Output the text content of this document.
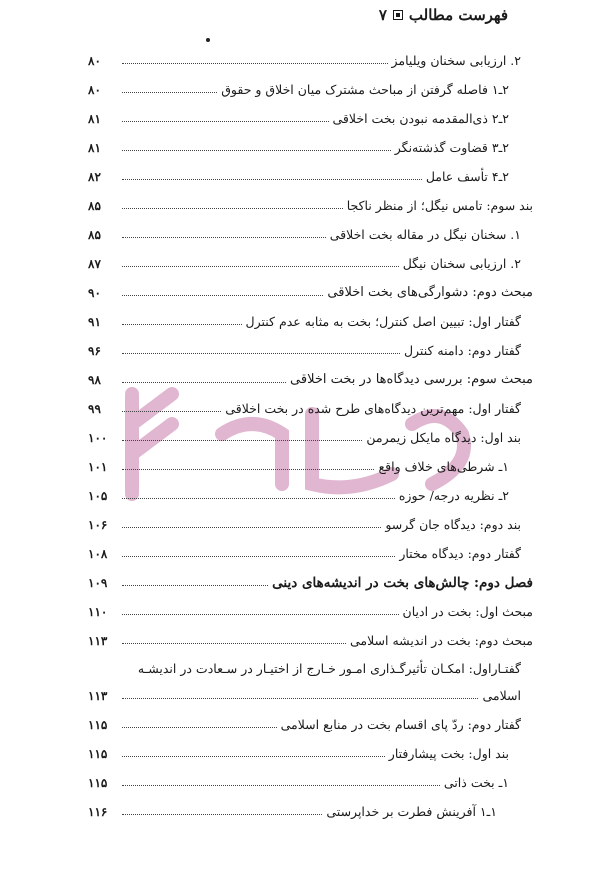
فهرست مطالب
۷
۲. ارزیابی سخنان ویلیامز
۸۰
۲ـ۱ فاصله گرفتن از مباحث مشترک میان اخلاق و حقوق
۸۰
۲ـ۲ ذی‌المقدمه نبودن بخت اخلاقی
۸۱
۲ـ۳ قضاوت گذشته‌نگر
۸۱
۲ـ۴ تأسف عامل
۸۲
بند سوم: تامس نیگل؛ از منظر ناکجا
۸۵
۱. سخنان نیگل در مقاله بخت اخلاقی
۸۵
۲. ارزیابی سخنان نیگل
۸۷
مبحث دوم: دشوارگی‌های بخت اخلاقی
۹۰
گفتار اول: تبیین اصل کنترل؛ بخت به مثابه عدم کنترل
۹۱
گفتار دوم: دامنه کنترل
۹۶
مبحث سوم: بررسی دیدگاه‌ها در بخت اخلاقی
۹۸
گفتار اول: مهم‌ترین دیدگاه‌های طرح شده در بخت اخلاقی
۹۹
بند اول: دیدگاه مایکل زیمرمن
۱۰۰
۱ـ شرطی‌های خلاف واقع
۱۰۱
۲ـ نظریه درجه/ حوزه
۱۰۵
بند دوم: دیدگاه جان گرسو
۱۰۶
گفتار دوم: دیدگاه مختار
۱۰۸
فصل دوم: چالش‌های بخت در اندیشه‌های دینی
۱۰۹
مبحث اول: بخت در ادیان
۱۱۰
مبحث دوم: بخت در اندیشه اسلامی
۱۱۳
گفتـاراول: امکـان تأثیرگـذاری امـور خـارج از اختیـار در سـعادت در اندیشـه
اسلامی
۱۱۳
گفتار دوم: ردّ پای اقسام بخت در منابع اسلامی
۱۱۵
بند اول: بخت پیشارفتار
۱۱۵
۱ـ بخت ذاتی
۱۱۵
۱ـ۱ آفرینش فطرت بر خداپرستی
۱۱۶
